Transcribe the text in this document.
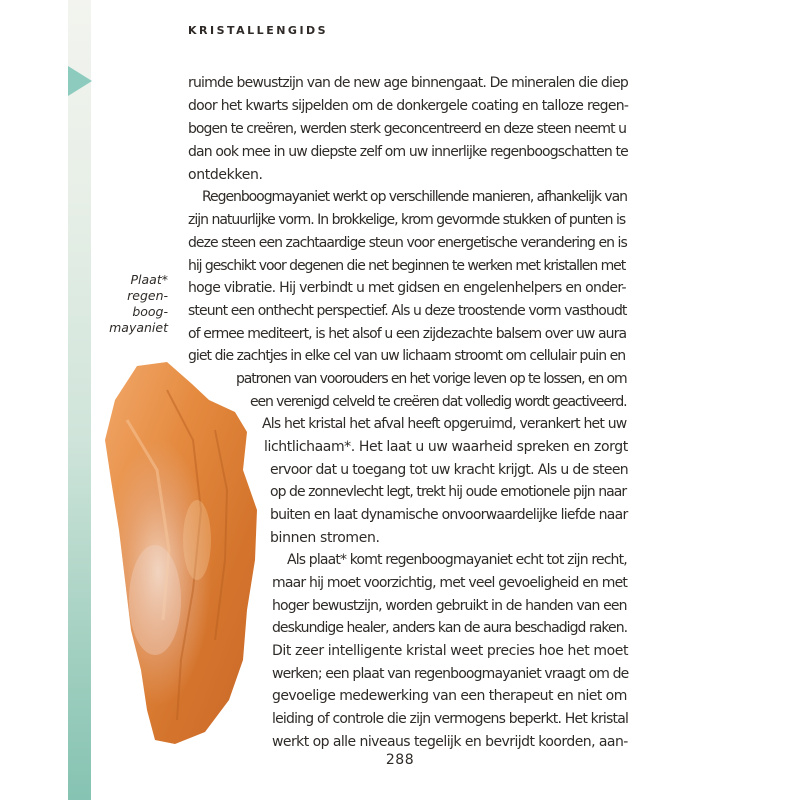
KRISTALLENGIDS
Plaat*
regen-
boog-
mayaniet
ruimde bewustzijn van de new age binnengaat. De mineralen die diep
door het kwarts sijpelden om de donkergele coating en talloze regen-
bogen te creëren, werden sterk geconcentreerd en deze steen neemt u
dan ook mee in uw diepste zelf om uw innerlijke regenboogschatten te
ontdekken.
Regenboogmayaniet werkt op verschillende manieren, afhankelijk van
zijn natuurlijke vorm. In brokkelige, krom gevormde stukken of punten is
deze steen een zachtaardige steun voor energetische verandering en is
hij geschikt voor degenen die net beginnen te werken met kristallen met
hoge vibratie. Hij verbindt u met gidsen en engelenhelpers en onder-
steunt een onthecht perspectief. Als u deze troostende vorm vasthoudt
of ermee mediteert, is het alsof u een zijdezachte balsem over uw aura
giet die zachtjes in elke cel van uw lichaam stroomt om cellulair puin en
patronen van voorouders en het vorige leven op te lossen, en om
een verenigd celveld te creëren dat volledig wordt geactiveerd.
Als het kristal het afval heeft opgeruimd, verankert het uw
lichtlichaam*. Het laat u uw waarheid spreken en zorgt
ervoor dat u toegang tot uw kracht krijgt. Als u de steen
op de zonnevlecht legt, trekt hij oude emotionele pijn naar
buiten en laat dynamische onvoorwaardelijke liefde naar
binnen stromen.
Als plaat* komt regenboogmayaniet echt tot zijn recht,
maar hij moet voorzichtig, met veel gevoeligheid en met
hoger bewustzijn, worden gebruikt in de handen van een
deskundige healer, anders kan de aura beschadigd raken.
Dit zeer intelligente kristal weet precies hoe het moet
werken; een plaat van regenboogmayaniet vraagt om de
gevoelige medewerking van een therapeut en niet om
leiding of controle die zijn vermogens beperkt. Het kristal
werkt op alle niveaus tegelijk en bevrijdt koorden, aan-
288
